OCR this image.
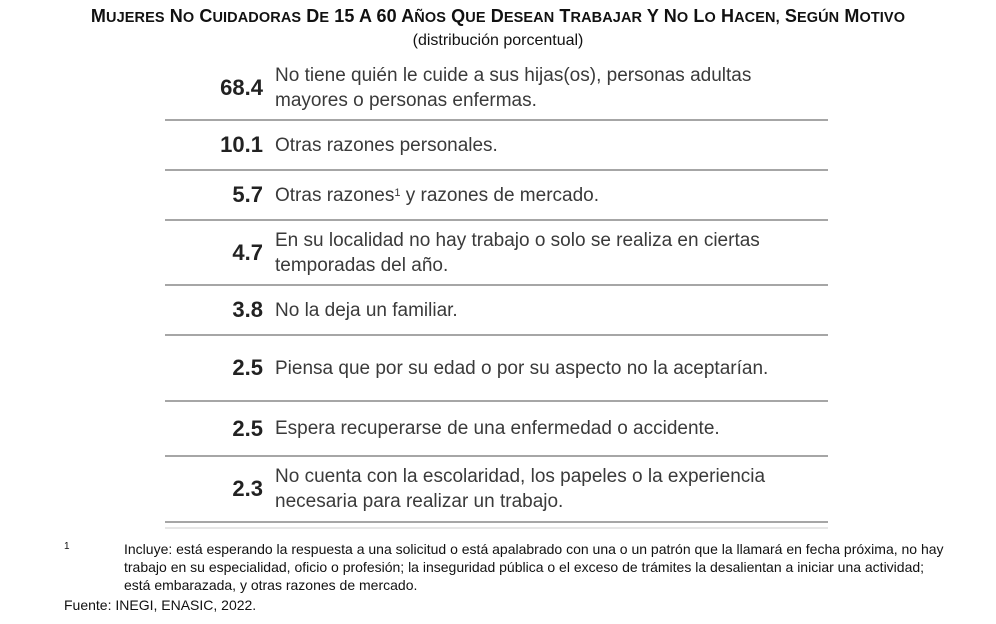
MUJERES NO CUIDADORAS DE 15 A 60 AÑOS QUE DESEAN TRABAJAR Y NO LO HACEN, SEGÚN MOTIVO
(distribución porcentual)
68.4 No tiene quién le cuide a sus hijas(os), personas adultas mayores o personas enfermas.
10.1 Otras razones personales.
5.7 Otras razones$^1$ y razones de mercado.
4.7 En su localidad no hay trabajo o solo se realiza en ciertas temporadas del año.
3.8 No la deja un familiar.
2.5 Piensa que por su edad o por su aspecto no la aceptarían.
2.5 Espera recuperarse de una enfermedad o accidente.
2.3 No cuenta con la escolaridad, los papeles o la experiencia necesaria para realizar un trabajo.
1	Incluye: está esperando la respuesta a una solicitud o está apalabrado con una o un patrón que la llamará en fecha próxima, no hay trabajo en su especialidad, oficio o profesión; la inseguridad pública o el exceso de trámites la desalientan a iniciar una actividad; está embarazada, y otras razones de mercado.
Fuente: INEGI, ENASIC, 2022.
